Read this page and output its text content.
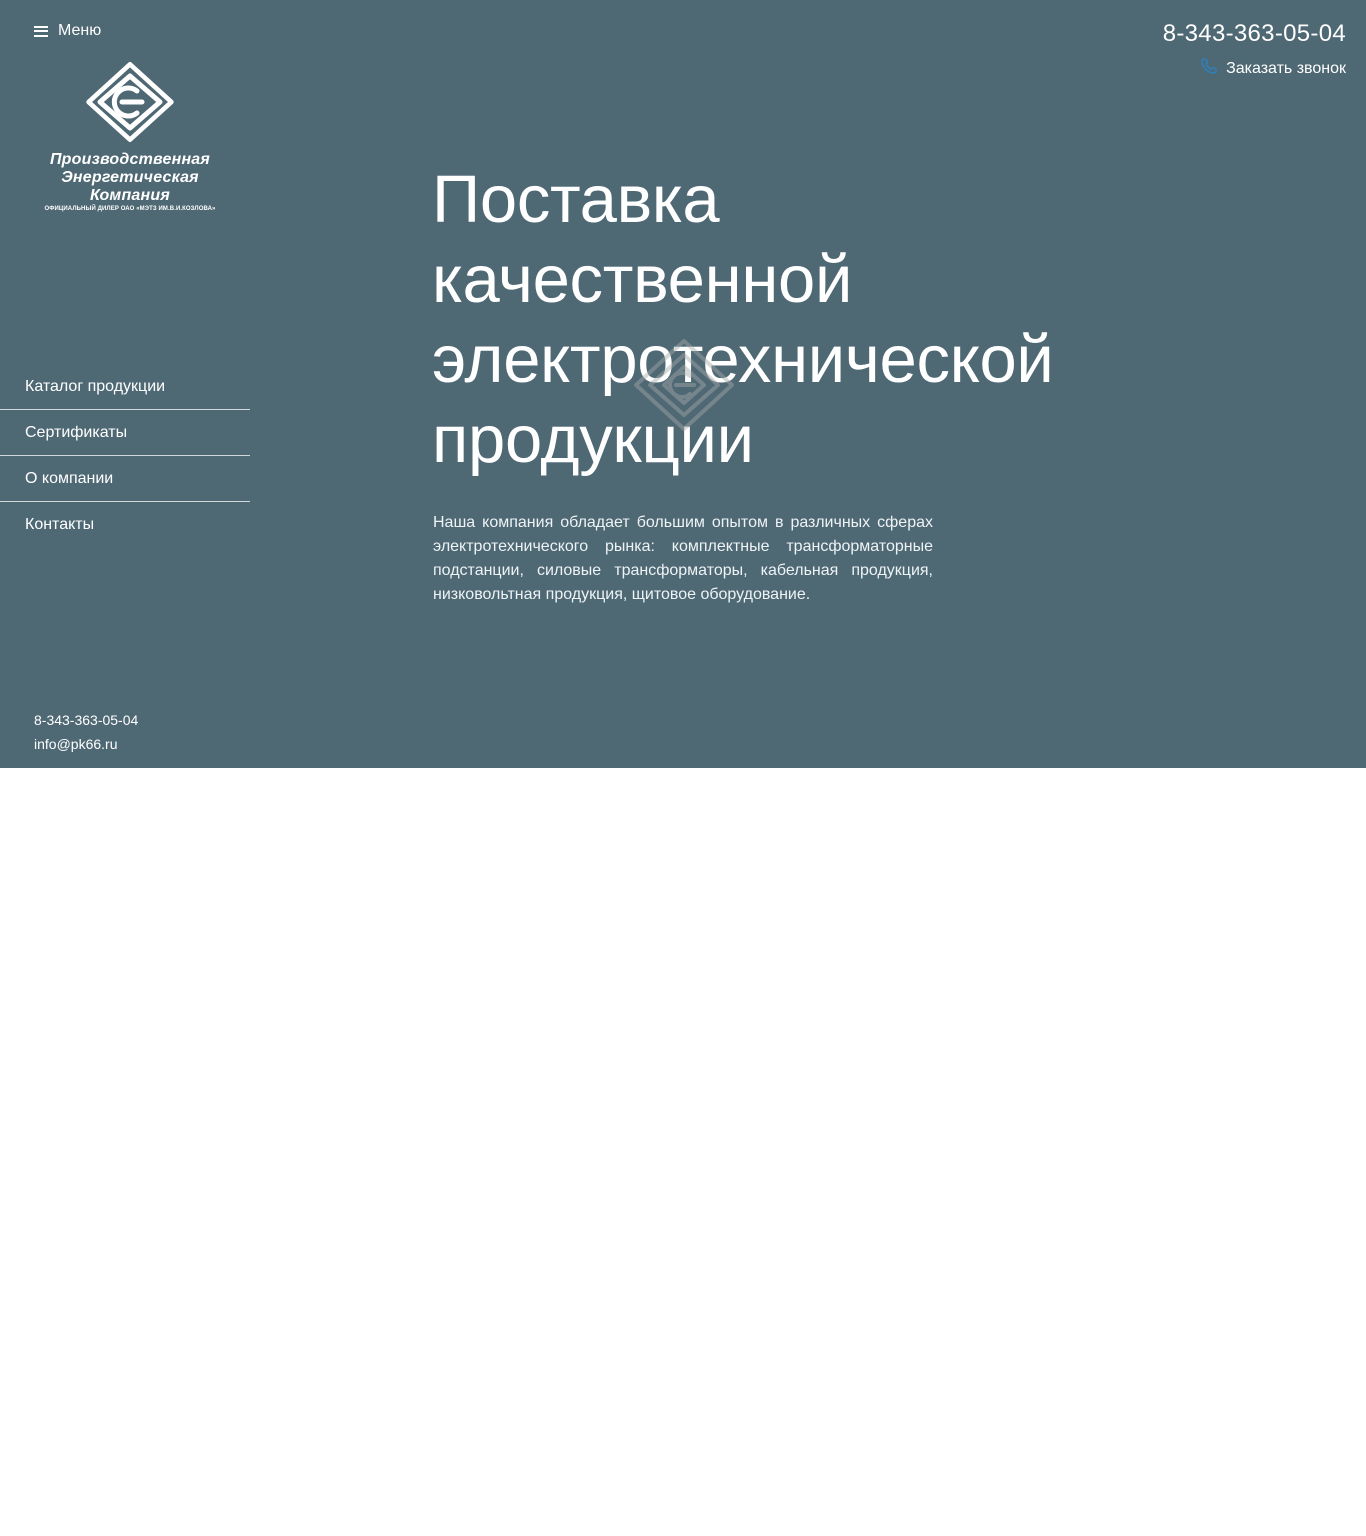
Меню
Производственная
Энергетическая
Компания
ОФИЦИАЛЬНЫЙ ДИЛЕР ОАО «МЭТЗ ИМ.В.И.КОЗЛОВА»
Каталог продукции
Сертификаты
О компании
Контакты
8-343-363-05-04
info@pk66.ru
8-343-363-05-04
Заказать звонок
Поставка
качественной
электротехнической
продукции

Наша компания обладает большим опытом в различных сферах электротехнического рынка: комплектные трансформаторные подстанции, силовые трансформаторы, кабельная продукция, низковольтная продукция, щитовое оборудование.
